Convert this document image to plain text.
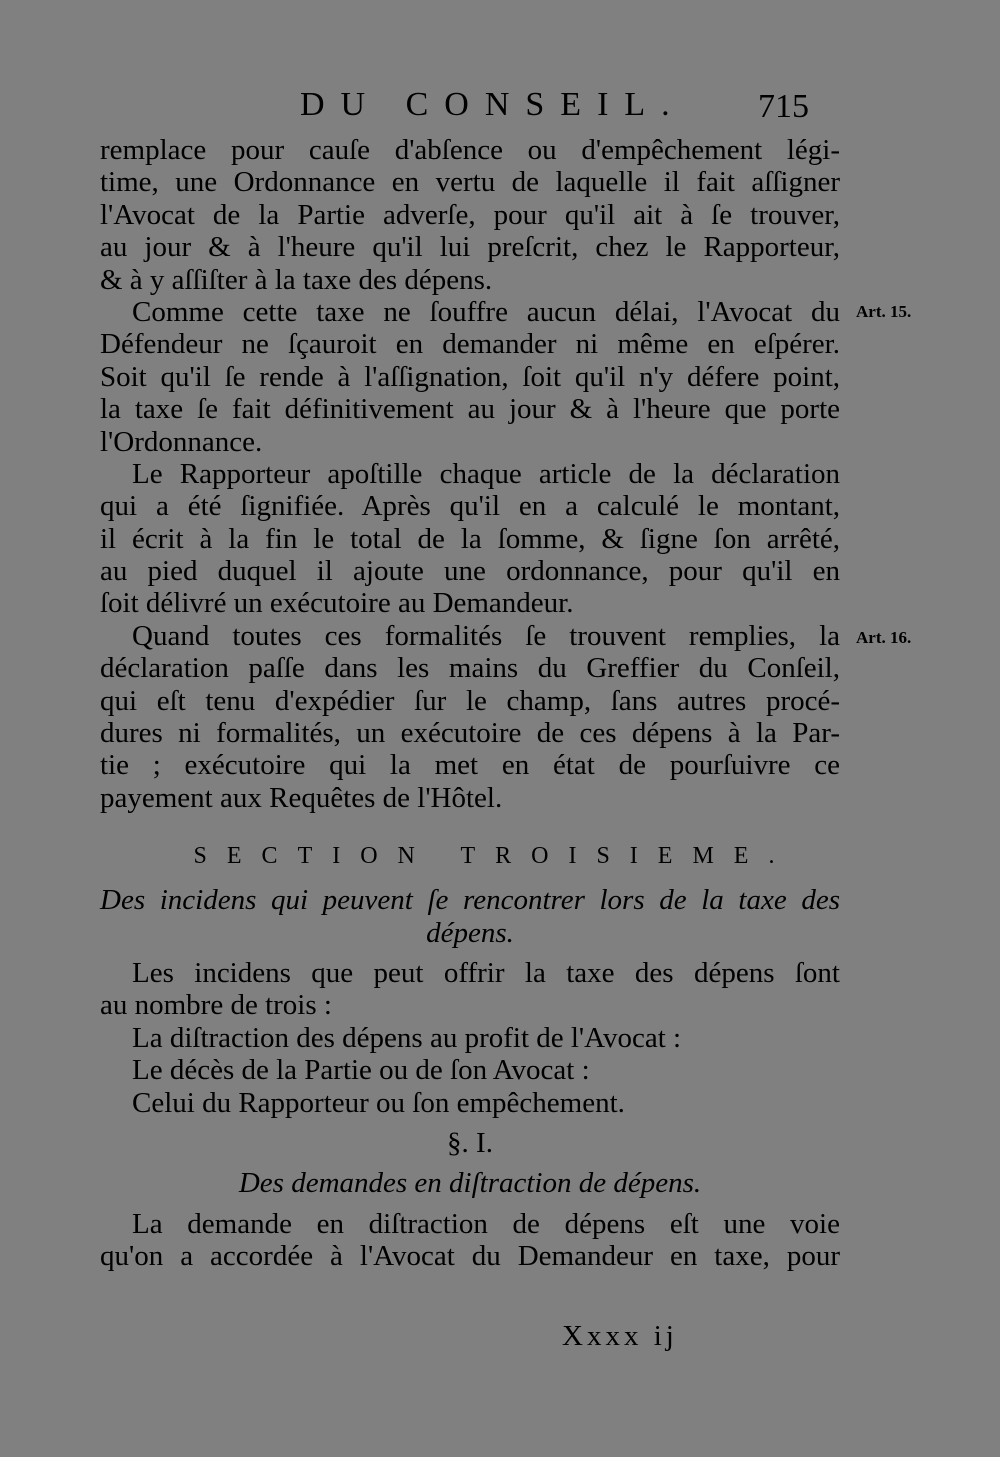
DU CONSEIL. 715
Art. 15.
Art. 16.
remplace pour cauſe d'abſence ou d'empêchement légi-
time, une Ordonnance en vertu de laquelle il fait aſſigner
l'Avocat de la Partie adverſe, pour qu'il ait à ſe trouver,
au jour & à l'heure qu'il lui preſcrit, chez le Rapporteur,
& à y aſſiſter à la taxe des dépens.
Comme cette taxe ne ſouffre aucun délai, l'Avocat du
Défendeur ne ſçauroit en demander ni même en eſpérer.
Soit qu'il ſe rende à l'aſſignation, ſoit qu'il n'y défere point,
la taxe ſe fait définitivement au jour & à l'heure que porte
l'Ordonnance.
Le Rapporteur apoſtille chaque article de la déclaration
qui a été ſignifiée. Après qu'il en a calculé le montant,
il écrit à la fin le total de la ſomme, & ſigne ſon arrêté,
au pied duquel il ajoute une ordonnance, pour qu'il en
ſoit délivré un exécutoire au Demandeur.
Quand toutes ces formalités ſe trouvent remplies, la
déclaration paſſe dans les mains du Greffier du Conſeil,
qui eſt tenu d'expédier ſur le champ, ſans autres procé-
dures ni formalités, un exécutoire de ces dépens à la Par-
tie ; exécutoire qui la met en état de pourſuivre ce
payement aux Requêtes de l'Hôtel.
SECTION TROISIEME.
Des incidens qui peuvent ſe rencontrer lors de la taxe des
dépens.
Les incidens que peut offrir la taxe des dépens ſont
au nombre de trois :
La diſtraction des dépens au profit de l'Avocat :
Le décès de la Partie ou de ſon Avocat :
Celui du Rapporteur ou ſon empêchement.
§. I.
Des demandes en diſtraction de dépens.
La demande en diſtraction de dépens eſt une voie
qu'on a accordée à l'Avocat du Demandeur en taxe, pour
Xxxx ij
